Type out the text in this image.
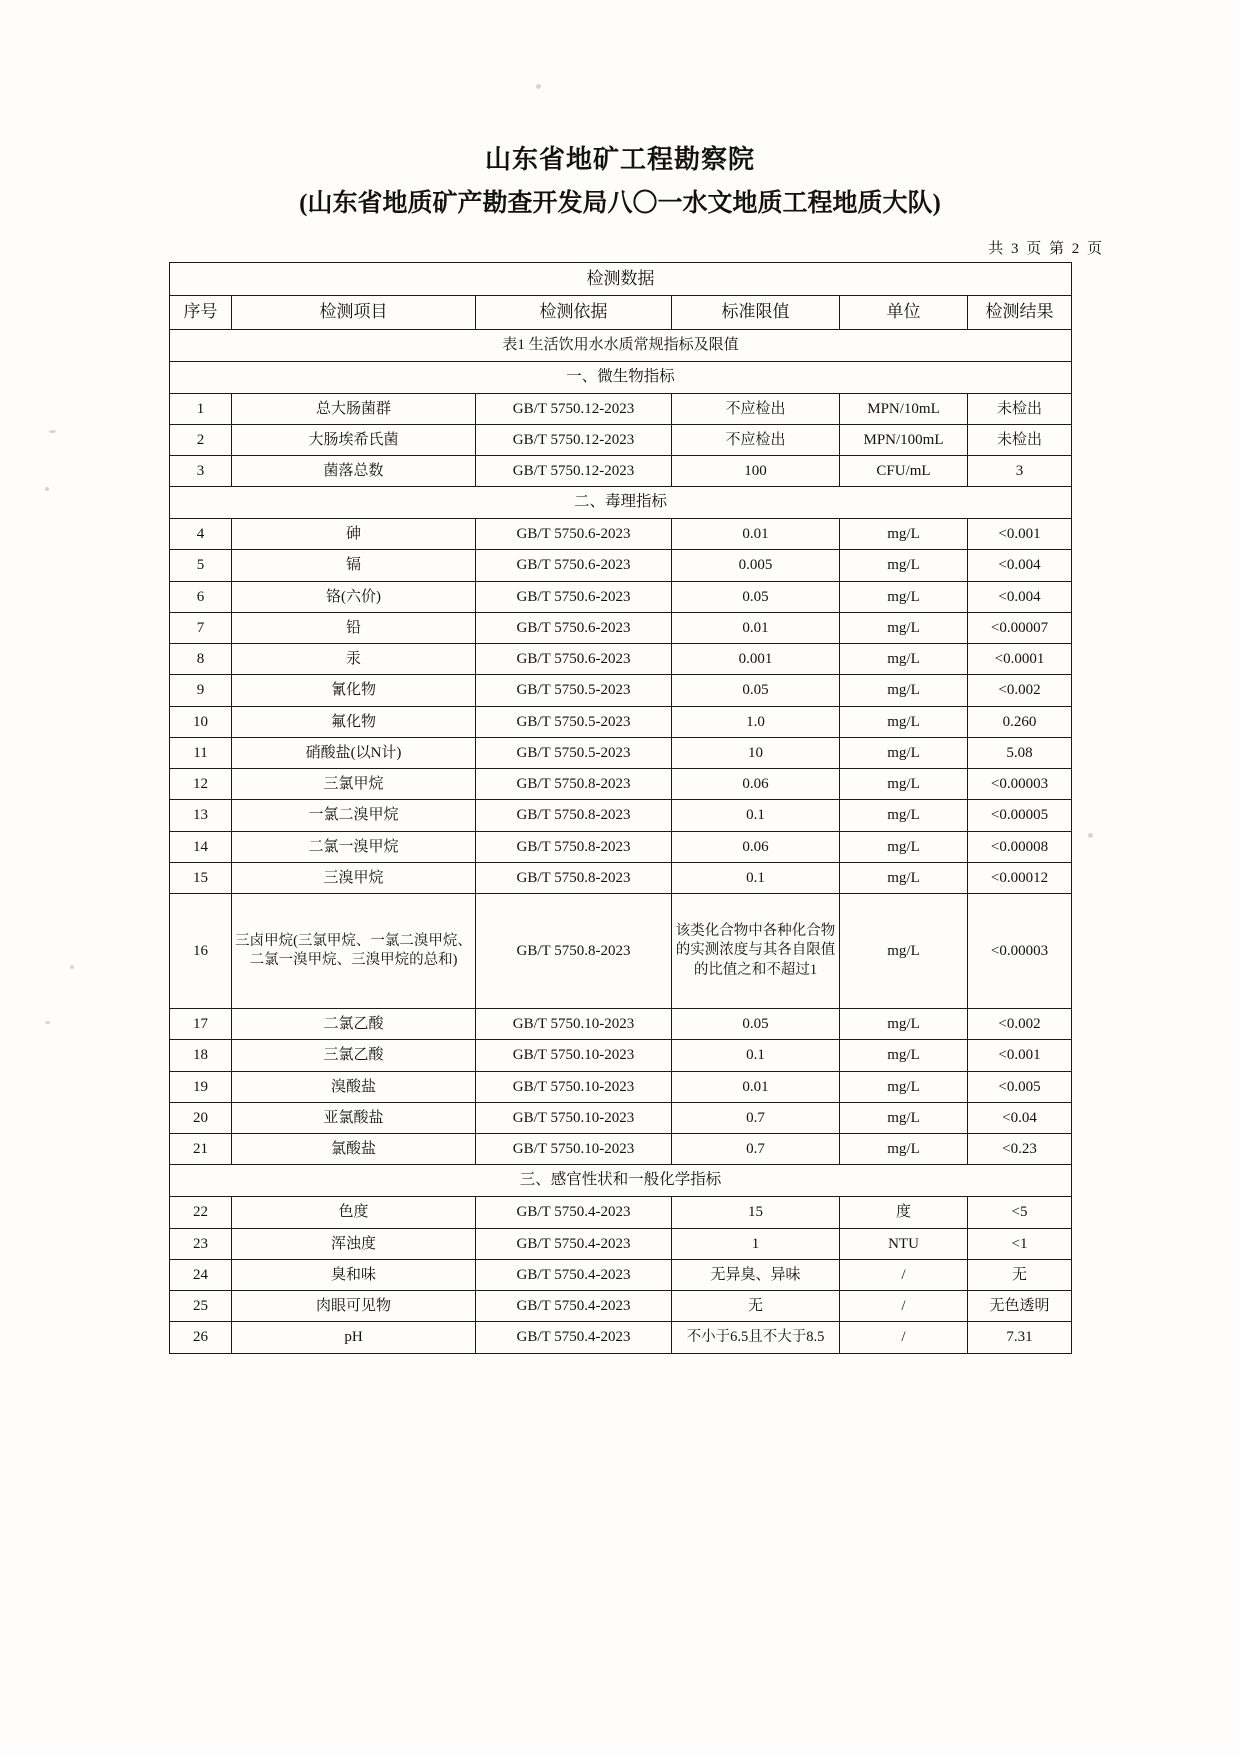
山东省地矿工程勘察院
(山东省地质矿产勘查开发局八〇一水文地质工程地质大队)
共 3 页 第 2 页
检测数据					
序号	检测项目	检测依据	标准限值	单位	检测结果
表1 生活饮用水水质常规指标及限值					
一、微生物指标					
1	总大肠菌群	GB/T 5750.12-2023	不应检出	MPN/10mL	未检出
2	大肠埃希氏菌	GB/T 5750.12-2023	不应检出	MPN/100mL	未检出
3	菌落总数	GB/T 5750.12-2023	100	CFU/mL	3
二、毒理指标					
4	砷	GB/T 5750.6-2023	0.01	mg/L	<0.001
5	镉	GB/T 5750.6-2023	0.005	mg/L	<0.004
6	铬(六价)	GB/T 5750.6-2023	0.05	mg/L	<0.004
7	铅	GB/T 5750.6-2023	0.01	mg/L	<0.00007
8	汞	GB/T 5750.6-2023	0.001	mg/L	<0.0001
9	氰化物	GB/T 5750.5-2023	0.05	mg/L	<0.002
10	氟化物	GB/T 5750.5-2023	1.0	mg/L	0.260
11	硝酸盐(以N计)	GB/T 5750.5-2023	10	mg/L	5.08
12	三氯甲烷	GB/T 5750.8-2023	0.06	mg/L	<0.00003
13	一氯二溴甲烷	GB/T 5750.8-2023	0.1	mg/L	<0.00005
14	二氯一溴甲烷	GB/T 5750.8-2023	0.06	mg/L	<0.00008
15	三溴甲烷	GB/T 5750.8-2023	0.1	mg/L	<0.00012
16	三卤甲烷(三氯甲烷、一氯二溴甲烷、二氯一溴甲烷、三溴甲烷的总和)	GB/T 5750.8-2023	该类化合物中各种化合物的实测浓度与其各自限值的比值之和不超过1	mg/L	<0.00003
17	二氯乙酸	GB/T 5750.10-2023	0.05	mg/L	<0.002
18	三氯乙酸	GB/T 5750.10-2023	0.1	mg/L	<0.001
19	溴酸盐	GB/T 5750.10-2023	0.01	mg/L	<0.005
20	亚氯酸盐	GB/T 5750.10-2023	0.7	mg/L	<0.04
21	氯酸盐	GB/T 5750.10-2023	0.7	mg/L	<0.23
三、感官性状和一般化学指标					
22	色度	GB/T 5750.4-2023	15	度	<5
23	浑浊度	GB/T 5750.4-2023	1	NTU	<1
24	臭和味	GB/T 5750.4-2023	无异臭、异味	/	无
25	肉眼可见物	GB/T 5750.4-2023	无	/	无色透明
26	pH	GB/T 5750.4-2023	不小于6.5且不大于8.5	/	7.31
